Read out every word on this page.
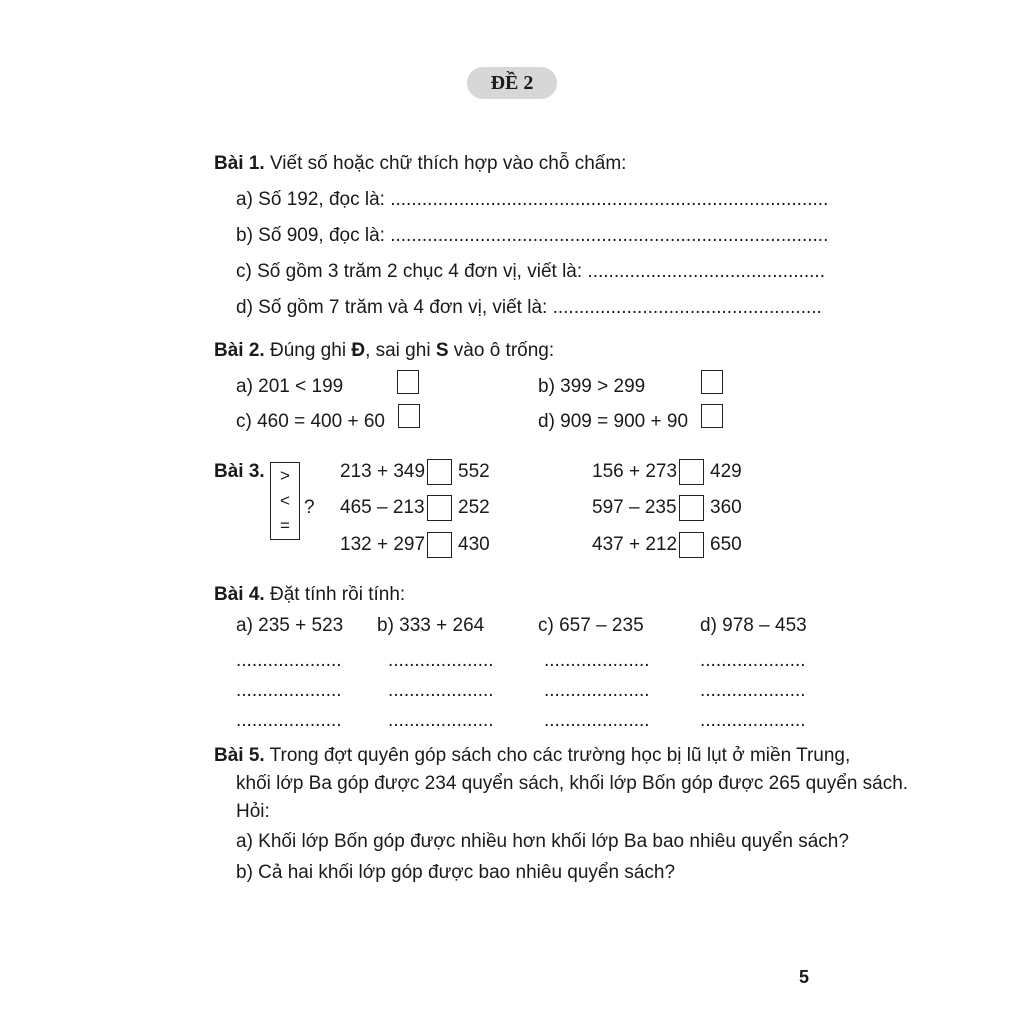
ĐỀ 2
Bài 1. Viết số hoặc chữ thích hợp vào chỗ chấm:
a) Số 192, đọc là: ...................................................................................
b) Số 909, đọc là: ...................................................................................
c) Số gồm 3 trăm 2 chục 4 đơn vị, viết là: .............................................
d) Số gồm 7 trăm và 4 đơn vị, viết là: ...................................................
Bài 2. Đúng ghi Đ, sai ghi S vào ô trống:
a) 201 < 199	b) 399 > 299
c) 460 = 400 + 60	d) 909 = 900 + 90
Bài 3. >
<
=
?
213 + 349 552	156 + 273 429
465 – 213 252	597 – 235 360
132 + 297 430	437 + 212 650
Bài 4. Đặt tính rồi tính:
a) 235 + 523 b) 333 + 264	c) 657 – 235	d) 978 – 453
.................... ....................	....................	....................
.................... ....................	....................	....................
.................... ....................	....................	....................
Bài 5. Trong đợt quyên góp sách cho các trường học bị lũ lụt ở miền Trung,
khối lớp Ba góp được 234 quyển sách, khối lớp Bốn góp được 265 quyển sách.
Hỏi:
a) Khối lớp Bốn góp được nhiều hơn khối lớp Ba bao nhiêu quyển sách?
b) Cả hai khối lớp góp được bao nhiêu quyển sách?
5
